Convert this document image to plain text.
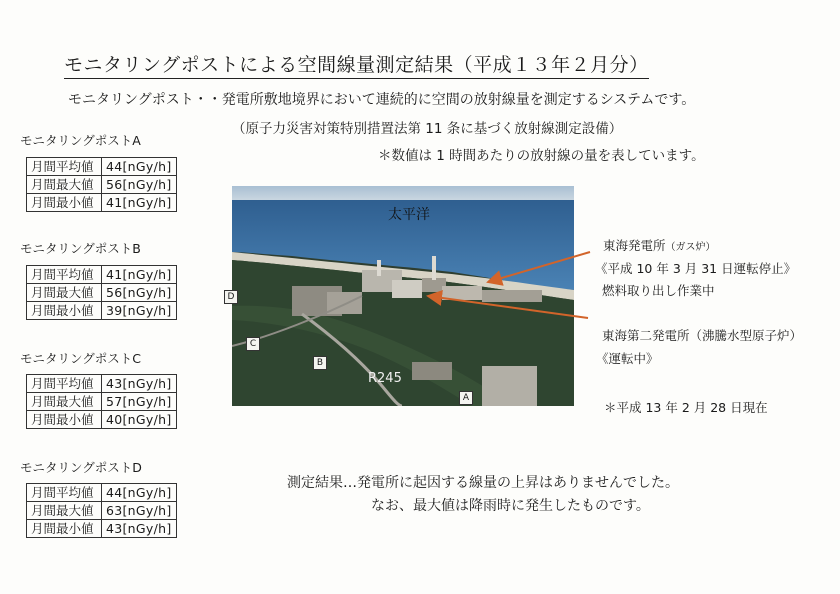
モニタリングポストによる空間線量測定結果（平成１３年２月分）
モニタリングポスト・・発電所敷地境界において連続的に空間の放射線量を測定するシステムです。
（原子力災害対策特別措置法第 11 条に基づく放射線測定設備）
＊数値は 1 時間あたりの放射線の量を表しています。
モニタリングポストA
月間平均値	44[nGy/h]
月間最大値	56[nGy/h]
月間最小値	41[nGy/h]
モニタリングポストB
月間平均値	41[nGy/h]
月間最大値	56[nGy/h]
月間最小値	39[nGy/h]
モニタリングポストC
月間平均値	43[nGy/h]
月間最大値	57[nGy/h]
月間最小値	40[nGy/h]
モニタリングポストD
月間平均値	44[nGy/h]
月間最大値	63[nGy/h]
月間最小値	43[nGy/h]
太平洋
R245
D
C
B
A
東海発電所（ガス炉）
《平成 10 年 3 月 31 日運転停止》
燃料取り出し作業中
東海第二発電所（沸騰水型原子炉）
《運転中》
＊平成 13 年 2 月 28 日現在
測定結果…発電所に起因する線量の上昇はありませんでした。
なお、最大値は降雨時に発生したものです。
